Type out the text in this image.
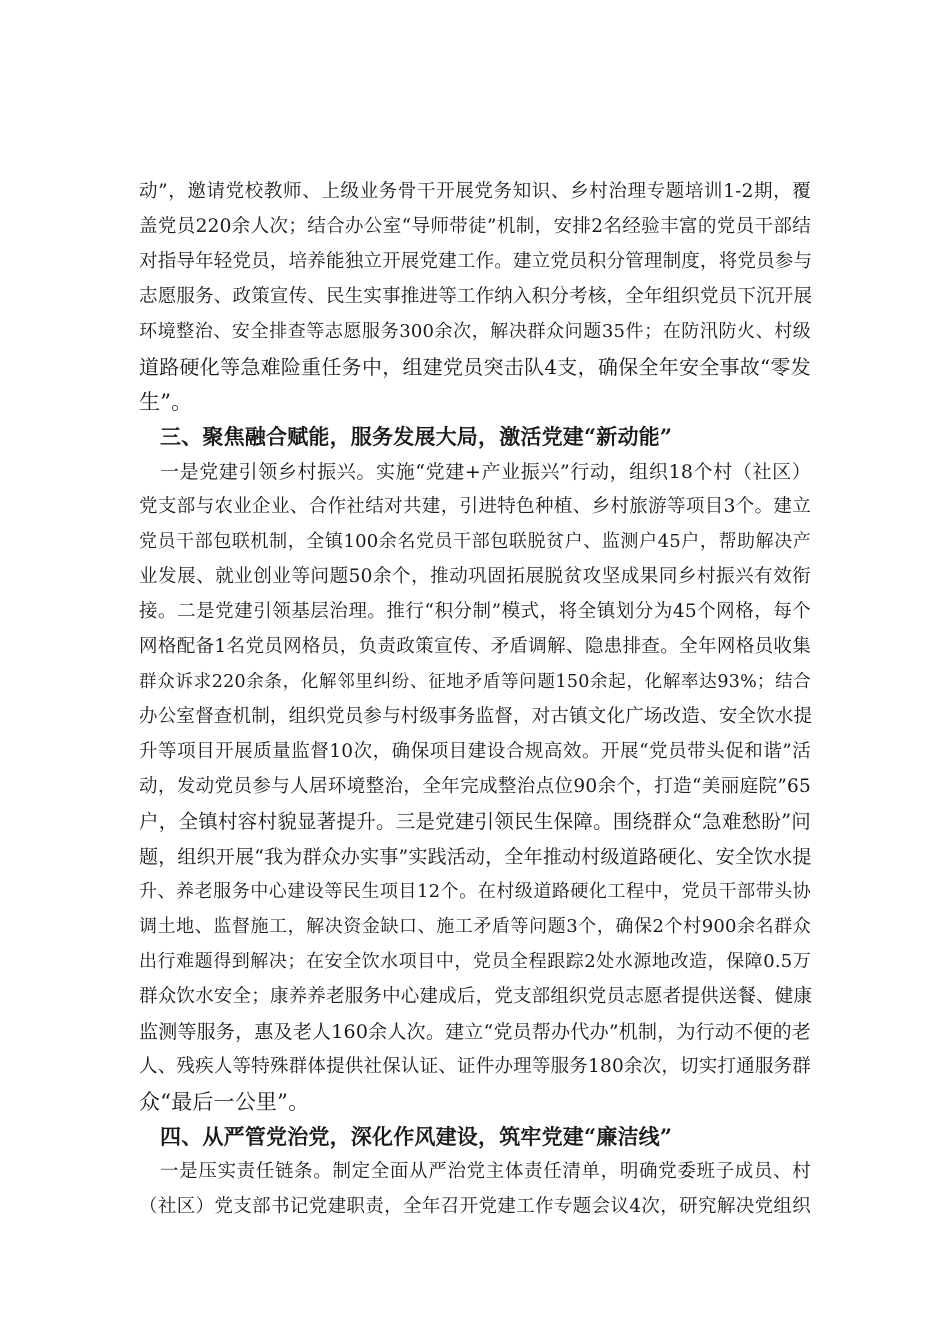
动”，邀请党校教师、上级业务骨干开展党务知识、乡村治理专题培训1-2期，覆
盖党员220余人次；结合办公室“导师带徒”机制，安排2名经验丰富的党员干部结
对指导年轻党员，培养能独立开展党建工作。建立党员积分管理制度，将党员参与
志愿服务、政策宣传、民生实事推进等工作纳入积分考核，全年组织党员下沉开展
环境整治、安全排查等志愿服务300余次，解决群众问题35件；在防汛防火、村级
道路硬化等急难险重任务中，组建党员突击队4支，确保全年安全事故“零发
生”。
三、聚焦融合赋能，服务发展大局，激活党建“新动能”
一是党建引领乡村振兴。实施“党建+产业振兴”行动，组织18个村（社区）
党支部与农业企业、合作社结对共建，引进特色种植、乡村旅游等项目3个。建立
党员干部包联机制，全镇100余名党员干部包联脱贫户、监测户45户，帮助解决产
业发展、就业创业等问题50余个，推动巩固拓展脱贫攻坚成果同乡村振兴有效衔
接。二是党建引领基层治理。推行“积分制”模式，将全镇划分为45个网格，每个
网格配备1名党员网格员，负责政策宣传、矛盾调解、隐患排查。全年网格员收集
群众诉求220余条，化解邻里纠纷、征地矛盾等问题150余起，化解率达93%；结合
办公室督查机制，组织党员参与村级事务监督，对古镇文化广场改造、安全饮水提
升等项目开展质量监督10次，确保项目建设合规高效。开展“党员带头促和谐”活
动，发动党员参与人居环境整治，全年完成整治点位90余个，打造“美丽庭院”65
户，全镇村容村貌显著提升。三是党建引领民生保障。围绕群众“急难愁盼”问
题，组织开展“我为群众办实事”实践活动，全年推动村级道路硬化、安全饮水提
升、养老服务中心建设等民生项目12个。在村级道路硬化工程中，党员干部带头协
调土地、监督施工，解决资金缺口、施工矛盾等问题3个，确保2个村900余名群众
出行难题得到解决；在安全饮水项目中，党员全程跟踪2处水源地改造，保障0.5万
群众饮水安全；康养养老服务中心建成后，党支部组织党员志愿者提供送餐、健康
监测等服务，惠及老人160余人次。建立“党员帮办代办”机制，为行动不便的老
人、残疾人等特殊群体提供社保认证、证件办理等服务180余次，切实打通服务群
众“最后一公里”。
四、从严管党治党，深化作风建设，筑牢党建“廉洁线”
一是压实责任链条。制定全面从严治党主体责任清单，明确党委班子成员、村
（社区）党支部书记党建职责，全年召开党建工作专题会议4次，研究解决党组织
